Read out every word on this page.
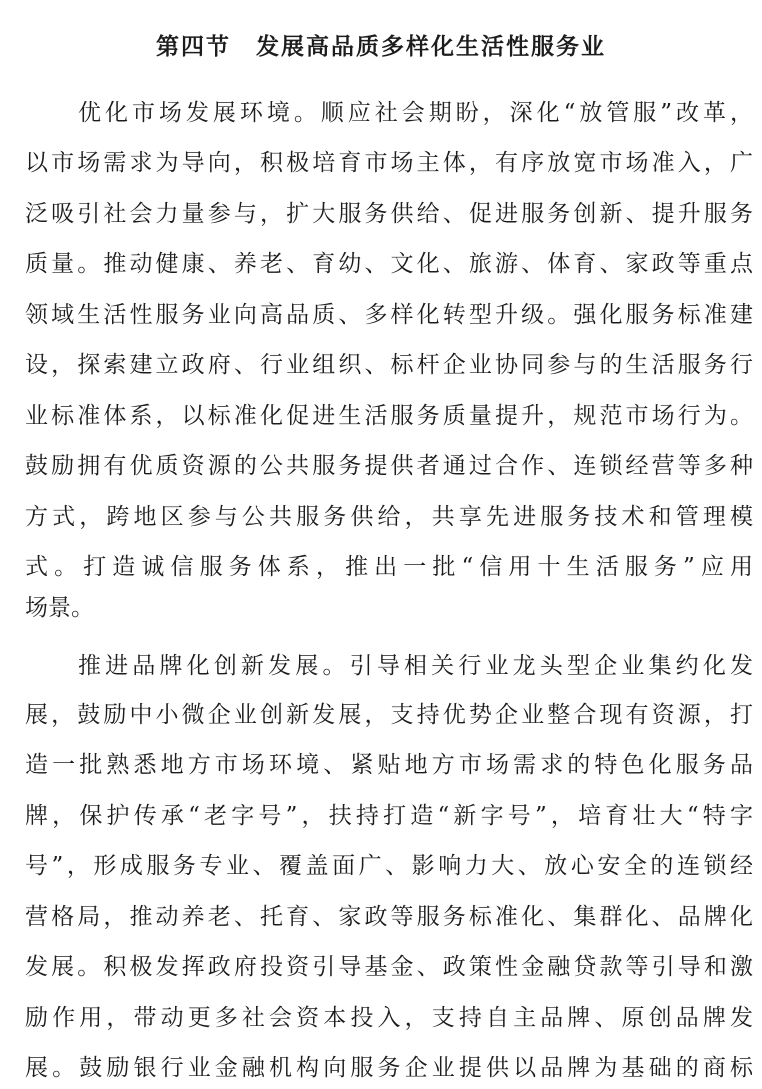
第四节　发展高品质多样化生活性服务业
优化市场发展环境。顺应社会期盼，深化“放管服”改革，
以市场需求为导向，积极培育市场主体，有序放宽市场准入，广
泛吸引社会力量参与，扩大服务供给、促进服务创新、提升服务
质量。推动健康、养老、育幼、文化、旅游、体育、家政等重点
领域生活性服务业向高品质、多样化转型升级。强化服务标准建
设，探索建立政府、行业组织、标杆企业协同参与的生活服务行
业标准体系，以标准化促进生活服务质量提升，规范市场行为。
鼓励拥有优质资源的公共服务提供者通过合作、连锁经营等多种
方式，跨地区参与公共服务供给，共享先进服务技术和管理模
式。打造诚信服务体系，推出一批“信用十生活服务”应用
场景。
推进品牌化创新发展。引导相关行业龙头型企业集约化发
展，鼓励中小微企业创新发展，支持优势企业整合现有资源，打
造一批熟悉地方市场环境、紧贴地方市场需求的特色化服务品
牌，保护传承“老字号”，扶持打造“新字号”，培育壮大“特字
号”，形成服务专业、覆盖面广、影响力大、放心安全的连锁经
营格局，推动养老、托育、家政等服务标准化、集群化、品牌化
发展。积极发挥政府投资引导基金、政策性金融贷款等引导和激
励作用，带动更多社会资本投入，支持自主品牌、原创品牌发
展。鼓励银行业金融机构向服务企业提供以品牌为基础的商标
